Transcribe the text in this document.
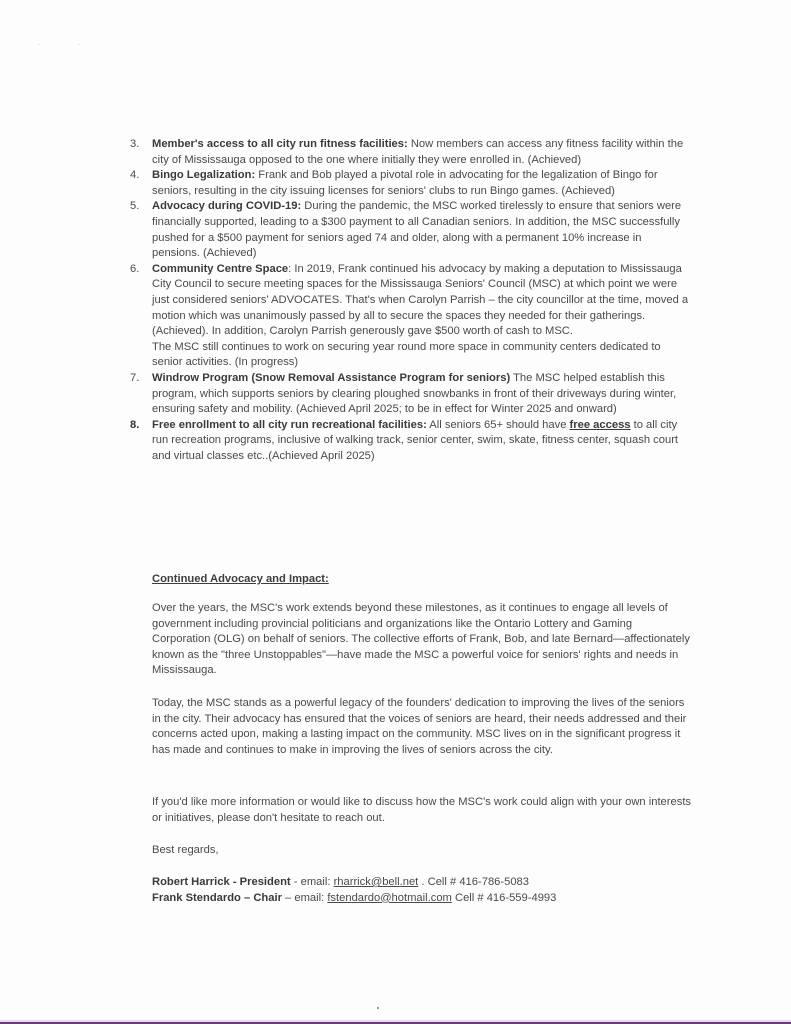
··
3. Member's access to all city run fitness facilities: Now members can access any fitness facility within the city of Mississauga opposed to the one where initially they were enrolled in. (Achieved)
4. Bingo Legalization: Frank and Bob played a pivotal role in advocating for the legalization of Bingo for seniors, resulting in the city issuing licenses for seniors' clubs to run Bingo games. (Achieved)
5. Advocacy during COVID-19: During the pandemic, the MSC worked tirelessly to ensure that seniors were financially supported, leading to a $300 payment to all Canadian seniors. In addition, the MSC successfully pushed for a $500 payment for seniors aged 74 and older, along with a permanent 10% increase in pensions. (Achieved)
6. Community Centre Space: In 2019, Frank continued his advocacy by making a deputation to Mississauga City Council to secure meeting spaces for the Mississauga Seniors' Council (MSC) at which point we were just considered seniors' ADVOCATES. That's when Carolyn Parrish – the city councillor at the time, moved a motion which was unanimously passed by all to secure the spaces they needed for their gatherings. (Achieved). In addition, Carolyn Parrish generously gave $500 worth of cash to MSC.
The MSC still continues to work on securing year round more space in community centers dedicated to senior activities. (In progress)
7. Windrow Program (Snow Removal Assistance Program for seniors) The MSC helped establish this program, which supports seniors by clearing ploughed snowbanks in front of their driveways during winter, ensuring safety and mobility. (Achieved April 2025; to be in effect for Winter 2025 and onward)
8. Free enrollment to all city run recreational facilities: All seniors 65+ should have free access to all city run recreation programs, inclusive of walking track, senior center, swim, skate, fitness center, squash court and virtual classes etc..(Achieved April 2025)
Continued Advocacy and Impact:
Over the years, the MSC's work extends beyond these milestones, as it continues to engage all levels of government including provincial politicians and organizations like the Ontario Lottery and Gaming Corporation (OLG) on behalf of seniors. The collective efforts of Frank, Bob, and late Bernard—affectionately known as the "three Unstoppables"—have made the MSC a powerful voice for seniors' rights and needs in Mississauga.
Today, the MSC stands as a powerful legacy of the founders' dedication to improving the lives of the seniors in the city. Their advocacy has ensured that the voices of seniors are heard, their needs addressed and their concerns acted upon, making a lasting impact on the community. MSC lives on in the significant progress it has made and continues to make in improving the lives of seniors across the city.
If you'd like more information or would like to discuss how the MSC's work could align with your own interests or initiatives, please don't hesitate to reach out.
Best regards,
Robert Harrick - President - email: rharrick@bell.net . Cell # 416-786-5083
Frank Stendardo – Chair – email: fstendardo@hotmail.com Cell # 416-559-4993
